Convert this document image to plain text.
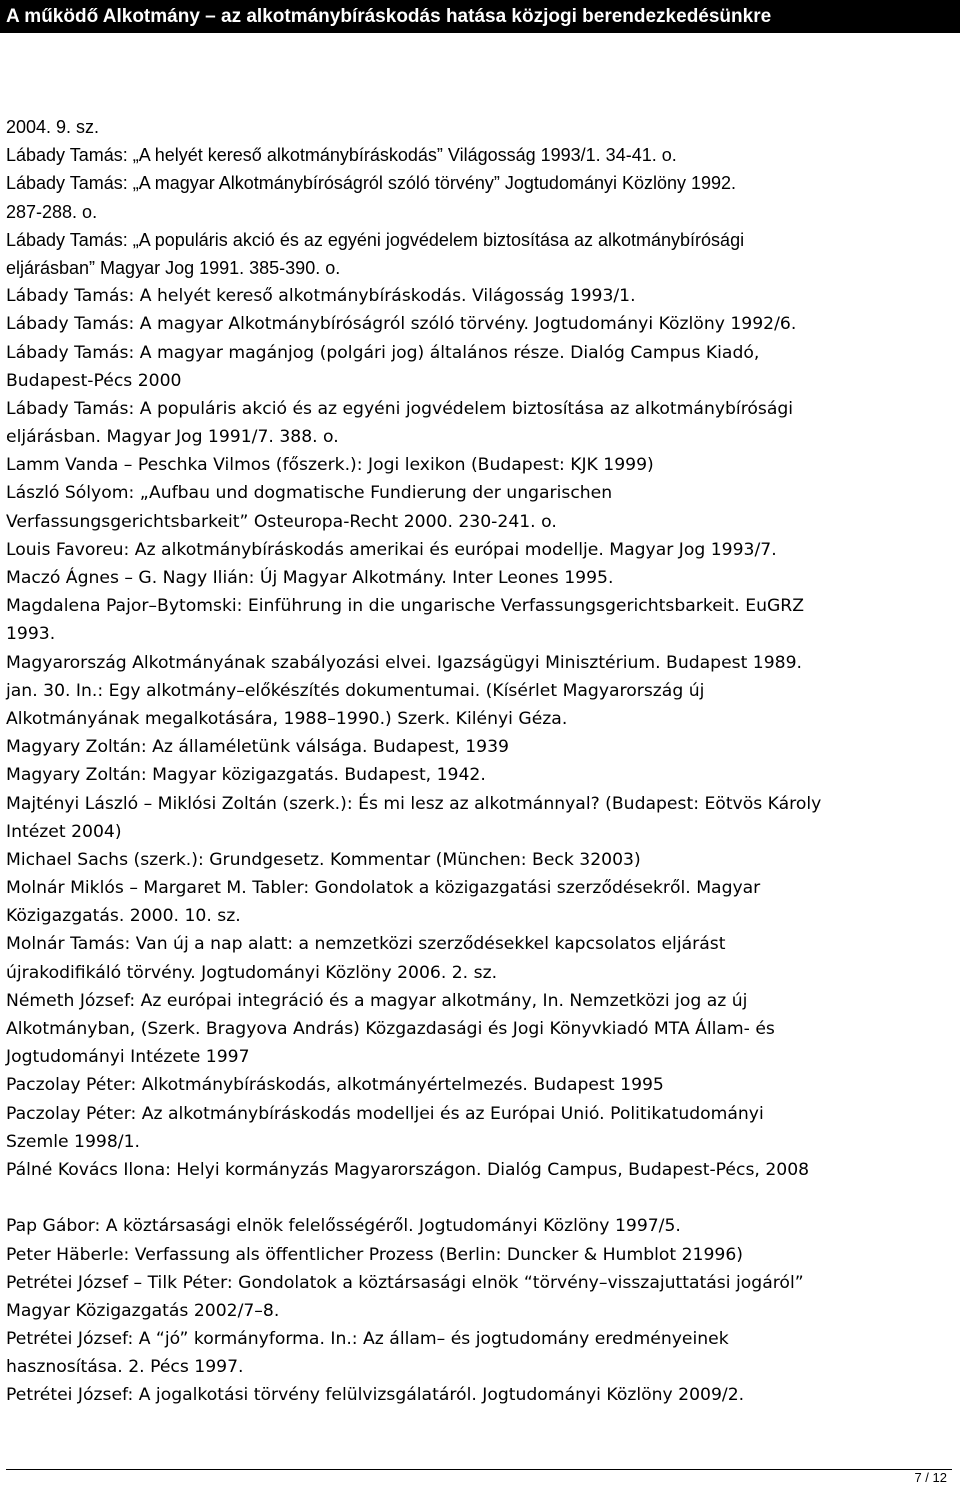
A működő Alkotmány – az alkotmánybíráskodás hatása közjogi berendezkedésünkre
2004. 9. sz.
Lábady Tamás: „A helyét kereső alkotmánybíráskodás” Világosság 1993/1. 34-41. o.
Lábady Tamás: „A magyar Alkotmánybíróságról szóló törvény” Jogtudományi Közlöny 1992.
287-288. o.
Lábady Tamás: „A populáris akció és az egyéni jogvédelem biztosítása az alkotmánybírósági
eljárásban” Magyar Jog 1991. 385-390. o.
Lábady Tamás: A helyét kereső alkotmánybíráskodás. Világosság 1993/1.
Lábady Tamás: A magyar Alkotmánybíróságról szóló törvény. Jogtudományi Közlöny 1992/6.
Lábady Tamás: A magyar magánjog (polgári jog) általános része. Dialóg Campus Kiadó,
Budapest-Pécs 2000
Lábady Tamás: A populáris akció és az egyéni jogvédelem biztosítása az alkotmánybírósági
eljárásban. Magyar Jog 1991/7. 388. o.
Lamm Vanda – Peschka Vilmos (főszerk.): Jogi lexikon (Budapest: KJK 1999)
László Sólyom: „Aufbau und dogmatische Fundierung der ungarischen
Verfassungsgerichtsbarkeit” Osteuropa-Recht 2000. 230-241. o.
Louis Favoreu: Az alkotmánybíráskodás amerikai és európai modellje. Magyar Jog 1993/7.
Maczó Ágnes – G. Nagy Ilián: Új Magyar Alkotmány. Inter Leones 1995.
Magdalena Pajor–Bytomski: Einführung in die ungarische Verfassungsgerichtsbarkeit. EuGRZ
1993.
Magyarország Alkotmányának szabályozási elvei. Igazságügyi Minisztérium. Budapest 1989.
jan. 30. In.: Egy alkotmány–előkészítés dokumentumai. (Kísérlet Magyarország új
Alkotmányának megalkotására, 1988–1990.) Szerk. Kilényi Géza.
Magyary Zoltán: Az államéletünk válsága. Budapest, 1939
Magyary Zoltán: Magyar közigazgatás. Budapest, 1942.
Majtényi László – Miklósi Zoltán (szerk.): És mi lesz az alkotmánnyal? (Budapest: Eötvös Károly
Intézet 2004)
Michael Sachs (szerk.): Grundgesetz. Kommentar (München: Beck 32003)
Molnár Miklós – Margaret M. Tabler: Gondolatok a közigazgatási szerződésekről. Magyar
Közigazgatás. 2000. 10. sz.
Molnár Tamás: Van új a nap alatt: a nemzetközi szerződésekkel kapcsolatos eljárást
újrakodifikáló törvény. Jogtudományi Közlöny 2006. 2. sz.
Németh József: Az európai integráció és a magyar alkotmány, In. Nemzetközi jog az új
Alkotmányban, (Szerk. Bragyova András) Közgazdasági és Jogi Könyvkiadó MTA Állam- és
Jogtudományi Intézete 1997
Paczolay Péter: Alkotmánybíráskodás, alkotmányértelmezés. Budapest 1995
Paczolay Péter: Az alkotmánybíráskodás modelljei és az Európai Unió. Politikatudományi
Szemle 1998/1.
Pálné Kovács Ilona: Helyi kormányzás Magyarországon. Dialóg Campus, Budapest-Pécs, 2008
Pap Gábor: A köztársasági elnök felelősségéről. Jogtudományi Közlöny 1997/5.
Peter Häberle: Verfassung als öffentlicher Prozess (Berlin: Duncker & Humblot 21996)
Petrétei József – Tilk Péter: Gondolatok a köztársasági elnök “törvény–visszajuttatási jogáról”
Magyar Közigazgatás 2002/7–8.
Petrétei József: A “jó” kormányforma. In.: Az állam– és jogtudomány eredményeinek
hasznosítása. 2. Pécs 1997.
Petrétei József: A jogalkotási törvény felülvizsgálatáról. Jogtudományi Közlöny 2009/2.
7 / 12
